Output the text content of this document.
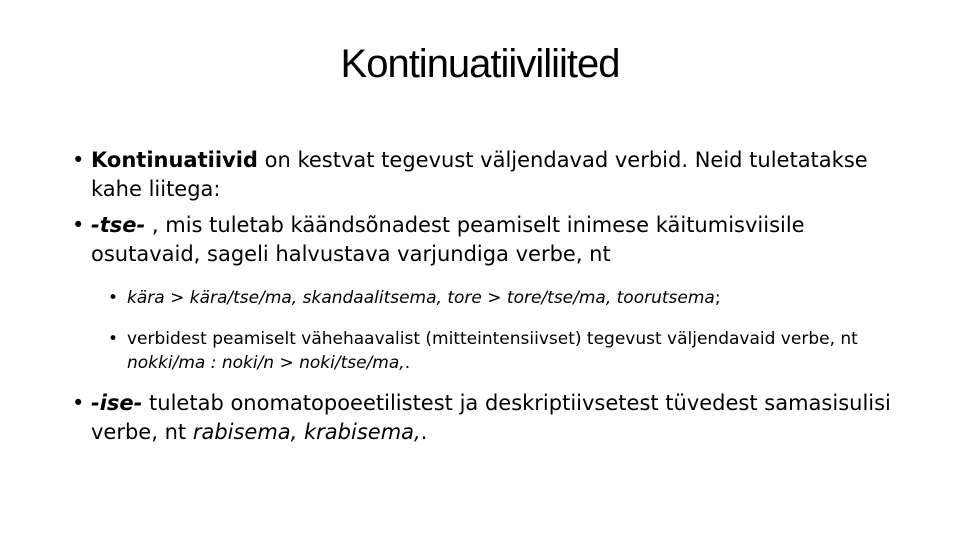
Kontinuatiiviliited

• Kontinuatiivid on kestvat tegevust väljendavad verbid. Neid tuletatakse kahe liitega:

• -tse- , mis tuletab käändsõnadest peamiselt inimese käitumisviisile osutavaid, sageli halvustava varjundiga verbe, nt

• kära > kära/tse/ma, skandaalitsema, tore > tore/tse/ma, toorutsema;

• verbidest peamiselt vähehaavalist (mitteintensiivset) tegevust väljendavaid verbe, nt nokki/ma : noki/n > noki/tse/ma,.

• -ise- tuletab onomatopoeetilistest ja deskriptiivsetest tüvedest samasisulisi verbe, nt rabisema, krabisema,.
